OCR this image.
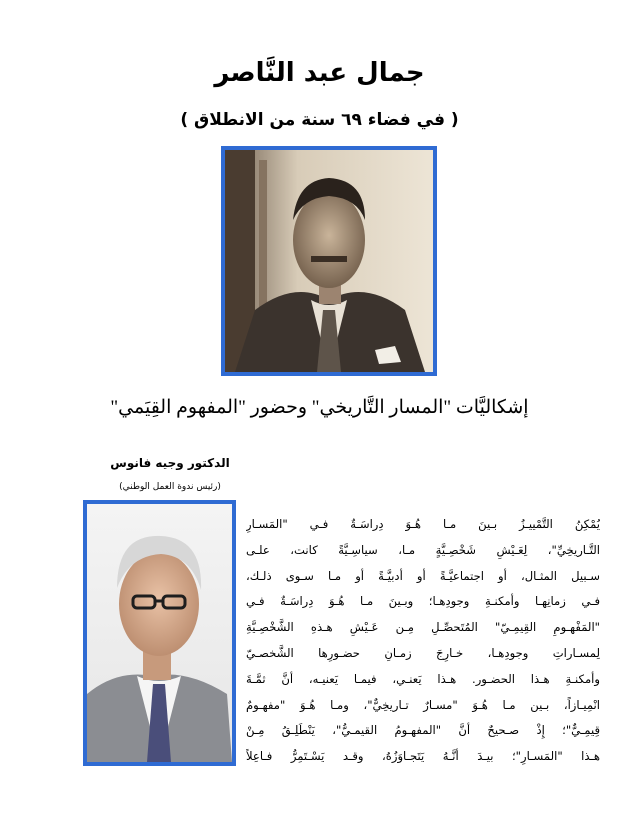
جمال عبد النَّاصر
( في فضاء ٦٩ سنة من الانطلاق )
إشكاليَّات "المسار التَّاريخي" وحضور "المفهوم القِيَمي"
الدكتور وجيه فانوس
(رئيس ندوة العمل الوطني)
يُمْكِنُ التَّمْييـزُ بـينَ مـا هُـوَ دِراسَـةٌ فـي "المَسـارِ
التَّـاريخِيِّ"، لِعَـيْشِ شَخْصِـيَّةٍ مـا، سياسِـيَّةً كانت، علـى
سـبيل المثـال، أو اجتماعيَّـةً أو أدبيَّـةً أو مـا سـوى ذلـك،
فـي زمانِهـا وأمكنـةِ وجودِهـا؛ وبـينَ مـا هُـوَ دِراسَـةٌ فـي
"المَفْهـومِ القِيمِـيّ" المُتَحصِّـلِ مِـن عَـيْشِ هـذهِ الشَّخْصِـيَّةِ
لِمسـاراتِ وجودِهـا، خـارِجَ زمـانِ حضـورِها الشَّخصـيّ
وأمكنـةِ هـذا الحضـور. هـذا يَعنـي، فيمـا يَعنيـه، أنَّ ثمَّـةَ
انْمِيـازاً، بـين مـا هُـوَ "مسـارٌ تـاريخِيٌّ"، ومـا هُـوَ "مفهـومٌ
قِيمِـيٌّ"؛ إِذْ صـحيحٌ أنَّ "المفهـومُ القيمـيُّ"، يَنْطَلِـقُ مِـنْ
هـذا "المَسـارِ"؛ بيـدَ أنَّـهُ يَتَجـاوَزُهُ، وقـد يَسْـتَمِرُّ فـاعِلاً
